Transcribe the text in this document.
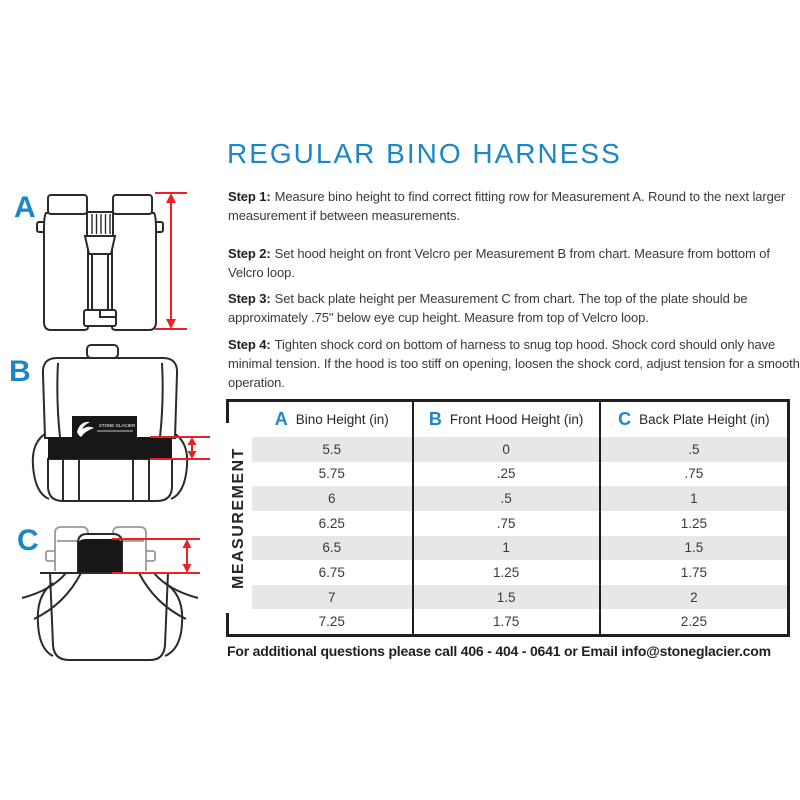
REGULAR BINO HARNESS

Step 1: Measure bino height to find correct fitting row for Measurement A. Round to the next larger measurement if between measurements.

Step 2: Set hood height on front Velcro per Measurement B from chart. Measure from bottom of Velcro loop.

Step 3: Set back plate height per Measurement C from chart. The top of the plate should be approximately .75" below eye cup height. Measure from top of Velcro loop.

Step 4: Tighten shock cord on bottom of harness to snug top hood. Shock cord should only have minimal tension. If the hood is too stiff on opening, loosen the shock cord, adjust tension for a smooth operation.

A
B
C
STONE GLACIER
MEASUREMENT
A Bino Height (in)	B Front Hood Height (in)	C Back Plate Height (in)
5.5	0	.5
5.75	.25	.75
6	.5	1
6.25	.75	1.25
6.5	1	1.5
6.75	1.25	1.75
7	1.5	2
7.25	1.75	2.25

For additional questions please call 406 - 404 - 0641 or Email info@stoneglacier.com
